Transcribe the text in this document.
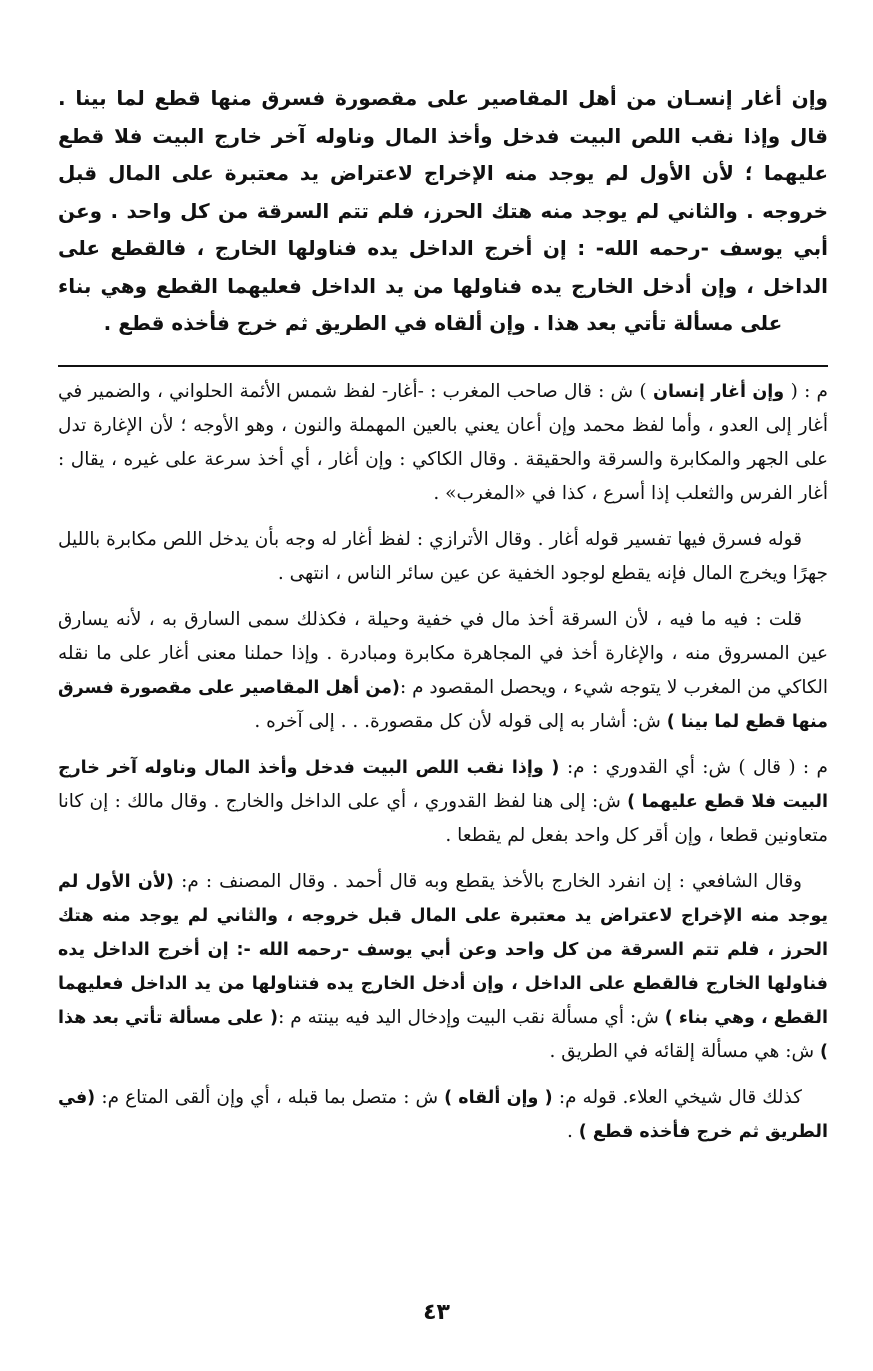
وإن أغار إنسـان من أهل المقاصير على مقصورة فسرق منها قطع لما بينا . قال وإذا نقب اللص البيت فدخل وأخذ المال وناوله آخر خارج البيت فلا قطع عليهما ؛ لأن الأول لم يوجد منه الإخراج لاعتراض يد معتبرة على المال قبل خروجه . والثاني لم يوجد منه هتك الحرز، فلم تتم السرقة من كل واحد . وعن أبي يوسف -رحمه الله- : إن أخرج الداخل يده فناولها الخارج ، فالقطع على الداخل ، وإن أدخل الخارج يده فناولها من يد الداخل فعليهما القطع وهي بناء على مسألة تأتي بعد هذا . وإن ألقاه في الطريق ثم خرج فأخذه قطع .

م : ( وإن أغار إنسان ) ش : قال صاحب المغرب : -أغار- لفظ شمس الأئمة الحلواني ، والضمير في أغار إلى العدو ، وأما لفظ محمد وإن أعان يعني بالعين المهملة والنون ، وهو الأوجه ؛ لأن الإغارة تدل على الجهر والمكابرة والسرقة والحقيقة . وقال الكاكي : وإن أغار ، أي أخذ سرعة على غيره ، يقال : أغار الفرس والثعلب إذا أسرع ، كذا في «المغرب» .

قوله فسرق فيها تفسير قوله أغار . وقال الأترازي : لفظ أغار له وجه بأن يدخل اللص مكابرة بالليل جهرًا ويخرج المال فإنه يقطع لوجود الخفية عن عين سائر الناس ، انتهى .

قلت : فيه ما فيه ، لأن السرقة أخذ مال في خفية وحيلة ، فكذلك سمى السارق به ، لأنه يسارق عين المسروق منه ، والإغارة أخذ في المجاهرة مكابرة ومبادرة . وإذا حملنا معنى أغار على ما نقله الكاكي من المغرب لا يتوجه شيء ، ويحصل المقصود م :(من أهل المقاصير على مقصورة فسرق منها قطع لما بينا ) ش: أشار به إلى قوله لأن كل مقصورة. . . إلى آخره .

م : ( قال ) ش: أي القدوري : م: ( وإذا نقب اللص البيت فدخل وأخذ المال وناوله آخر خارج البيت فلا قطع عليهما ) ش: إلى هنا لفظ القدوري ، أي على الداخل والخارج . وقال مالك : إن كانا متعاونين قطعا ، وإن أقر كل واحد بفعل لم يقطعا .

وقال الشافعي : إن انفرد الخارج بالأخذ يقطع وبه قال أحمد . وقال المصنف : م: (لأن الأول لم يوجد منه الإخراج لاعتراض يد معتبرة على المال قبل خروجه ، والثاني لم يوجد منه هتك الحرز ، فلم تتم السرقة من كل واحد وعن أبي يوسف -رحمه الله -: إن أخرج الداخل يده فناولها الخارج فالقطع على الداخل ، وإن أدخل الخارج يده فتناولها من يد الداخل فعليهما القطع ، وهي بناء ) ش: أي مسألة نقب البيت وإدخال اليد فيه بينته م :( على مسألة تأتي بعد هذا ) ش: هي مسألة إلقائه في الطريق .

كذلك قال شيخي العلاء. قوله م: ( وإن ألقاه ) ش : متصل بما قبله ، أي وإن ألقى المتاع م: (في الطريق ثم خرج فأخذه قطع ) .

٤٣
